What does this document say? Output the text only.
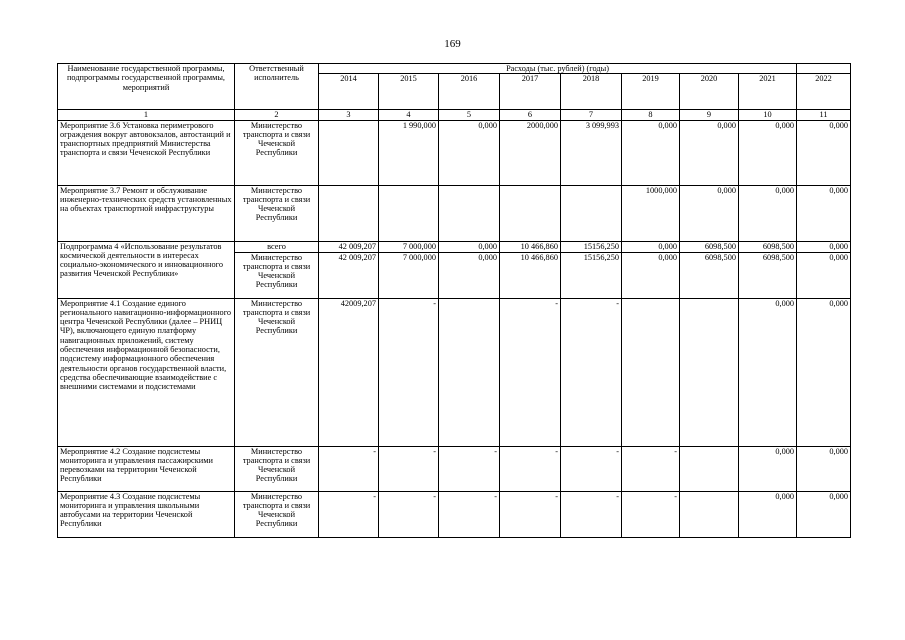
169
Наименование государственной программы, подпрограммы государственной программы, мероприятий	Ответственный исполнитель	Расходы (тыс. рублей) (годы)								
		2014	2015	2016	2017	2018	2019	2020	2021	2022
1	2	3	4	5	6	7	8	9	10	11
Мероприятие 3.6 Установка периметрового ограждения вокруг автовокзалов, автостанций и транспортных предприятий Министерства транспорта и связи Чеченской Республики	Министерство транспорта и связи Чеченской Республики		1 990,000	0,000	2000,000	3 099,993	0,000	0,000	0,000	0,000
Мероприятие 3.7 Ремонт и обслуживание инженерно-технических средств установленных на объектах транспортной инфраструктуры	Министерство транспорта и связи Чеченской Республики						1000,000	0,000	0,000	0,000
Подпрограмма 4 «Использование результатов космической деятельности в интересах социально-экономического и инновационного развития Чеченской Республики»	всего	42 009,207	7 000,000	0,000	10 466,860	15156,250	0,000	6098,500	6098,500	0,000
	Министерство транспорта и связи Чеченской Республики	42 009,207	7 000,000	0,000	10 466,860	15156,250	0,000	6098,500	6098,500	0,000
Мероприятие 4.1 Создание единого регионального навигационно-информационного центра Чеченской Республики (далее – РНИЦ ЧР), включающего единую платформу навигационных приложений, систему обеспечения информационной безопасности, подсистему информационного обеспечения деятельности органов государственной власти, средства обеспечивающие взаимодействие с внешними системами и подсистемами	Министерство транспорта и связи Чеченской Республики	42009,207	-		-	-			0,000	0,000
Мероприятие 4.2 Создание подсистемы мониторинга и управления пассажирскими перевозками на территории Чеченской Республики	Министерство транспорта и связи Чеченской Республики	-	-	-	-	-	-		0,000	0,000
Мероприятие 4.3 Создание подсистемы мониторинга и управления школьными автобусами на территории Чеченской Республики	Министерство транспорта и связи Чеченской Республики	-	-	-	-	-	-		0,000	0,000
